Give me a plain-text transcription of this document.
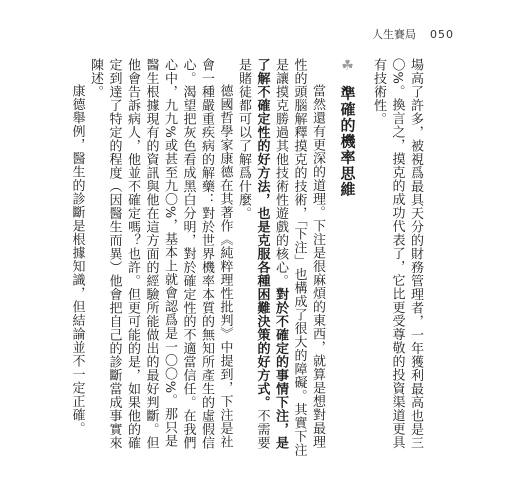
人生賽局 050

場高了許多，被視爲最具天分的財務管理者，一年獲利最高也是三〇%。換言之，摸克的成功代表了，它比更受尊敬的投資渠道更具有技術性。

☘ 準確的機率思維

當然還有更深的道理。下注是很麻煩的東西，就算是想對最理性的頭腦解釋摸克的技術，「下注」也構成了很大的障礙。其實下注是讓摸克勝過其他技術性遊戲的核心。對於不確定的事情下注，是了解不確定性的好方法，也是克服各種困難決策的好方式。不需要是賭徒都可以了解爲什麼。

德國哲學家康德在其著作《純粹理性批判》中提到，下注是社會一種嚴重疾病的解藥：對於世界機率本質的無知所產生的虛假信心。渴望把灰色看成黑白分明，對於確定性的不適當信任。在我們心中，九九%或甚至九〇%，基本上就會認爲是一〇〇%。那只是醫生根據現有的資訊與他在這方面的經驗所能做出的最好判斷。但他會告訴病人，他並不確定嗎？也許。但更可能的是，如果他的確定到達了特定的程度（因醫生而異）他會把自己的診斷當成事實來陳述。

康德舉例，醫生的診斷是根據知識，但結論並不一定正確。
